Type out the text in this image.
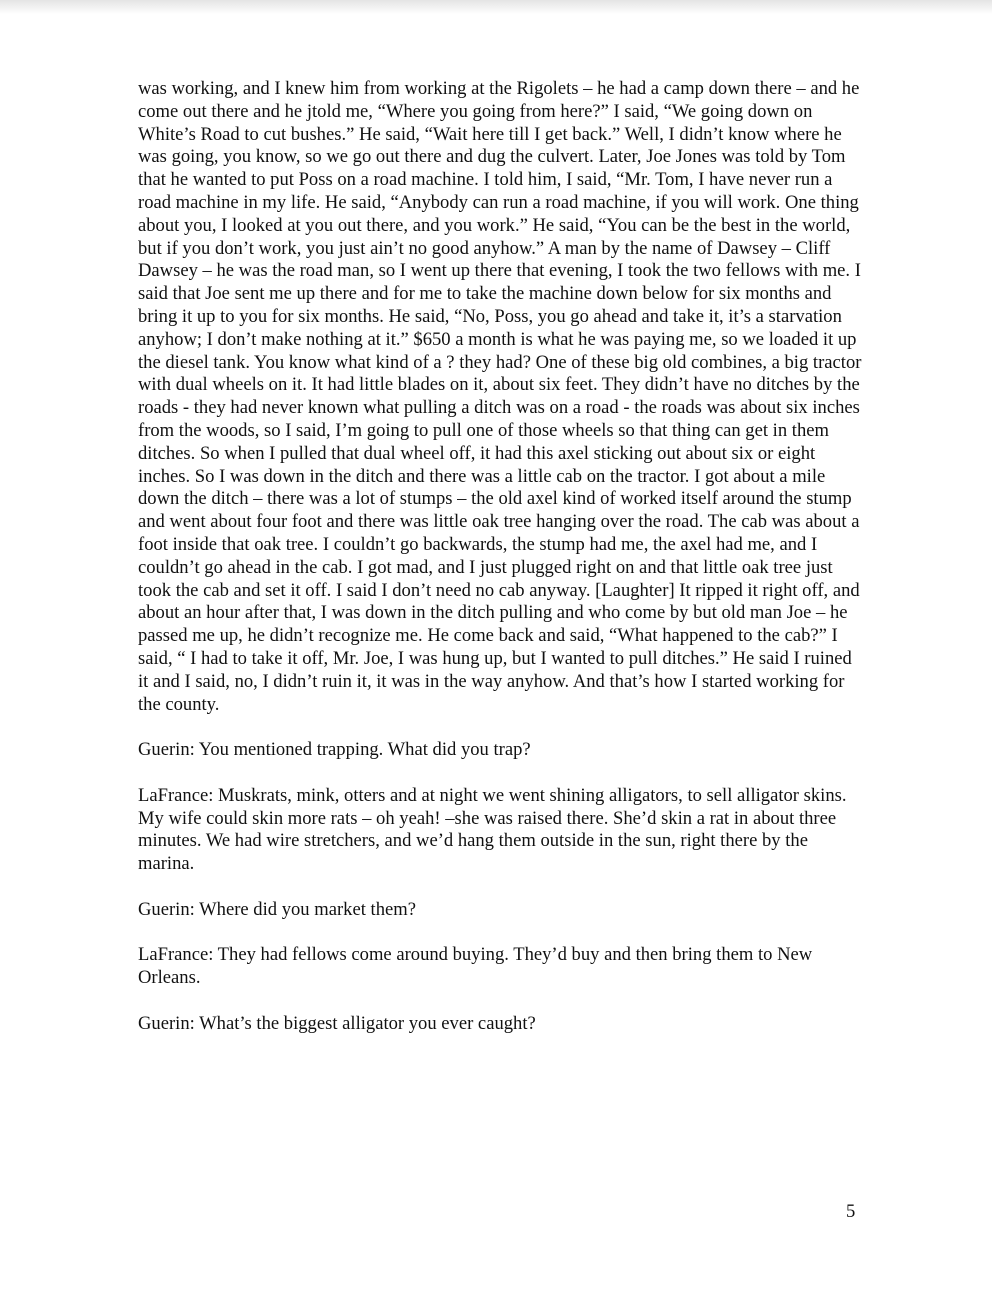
was working, and I knew him from working at the Rigolets – he had a camp down there – and he come out there and he jtold me, “Where you going from here?” I said, “We going down on White’s Road to cut bushes.” He said, “Wait here till I get back.” Well, I didn’t know where he was going, you know, so we go out there and dug the culvert. Later, Joe Jones was told by Tom that he wanted to put Poss on a road machine. I told him, I said, “Mr. Tom, I have never run a road machine in my life. He said, “Anybody can run a road machine, if you will work. One thing about you, I looked at you out there, and you work.” He said, “You can be the best in the world, but if you don’t work, you just ain’t no good anyhow.” A man by the name of Dawsey – Cliff Dawsey – he was the road man, so I went up there that evening, I took the two fellows with me. I said that Joe sent me up there and for me to take the machine down below for six months and bring it up to you for six months. He said, “No, Poss, you go ahead and take it, it’s a starvation anyhow; I don’t make nothing at it.” $650 a month is what he was paying me, so we loaded it up the diesel tank. You know what kind of a ? they had? One of these big old combines, a big tractor with dual wheels on it. It had little blades on it, about six feet. They didn’t have no ditches by the roads - they had never known what pulling a ditch was on a road - the roads was about six inches from the woods, so I said, I’m going to pull one of those wheels so that thing can get in them ditches. So when I pulled that dual wheel off, it had this axel sticking out about six or eight inches. So I was down in the ditch and there was a little cab on the tractor. I got about a mile down the ditch – there was a lot of stumps – the old axel kind of worked itself around the stump and went about four foot and there was little oak tree hanging over the road. The cab was about a foot inside that oak tree. I couldn’t go backwards, the stump had me, the axel had me, and I couldn’t go ahead in the cab. I got mad, and I just plugged right on and that little oak tree just took the cab and set it off. I said I don’t need no cab anyway. [Laughter] It ripped it right off, and about an hour after that, I was down in the ditch pulling and who come by but old man Joe – he passed me up, he didn’t recognize me. He come back and said, “What happened to the cab?” I said, “ I had to take it off, Mr. Joe, I was hung up, but I wanted to pull ditches.” He said I ruined it and I said, no, I didn’t ruin it, it was in the way anyhow. And that’s how I started working for the county.

Guerin: You mentioned trapping. What did you trap?

LaFrance: Muskrats, mink, otters and at night we went shining alligators, to sell alligator skins. My wife could skin more rats – oh yeah! –she was raised there. She’d skin a rat in about three minutes. We had wire stretchers, and we’d hang them outside in the sun, right there by the marina.

Guerin: Where did you market them?

LaFrance: They had fellows come around buying. They’d buy and then bring them to New Orleans.

Guerin: What’s the biggest alligator you ever caught?

5
